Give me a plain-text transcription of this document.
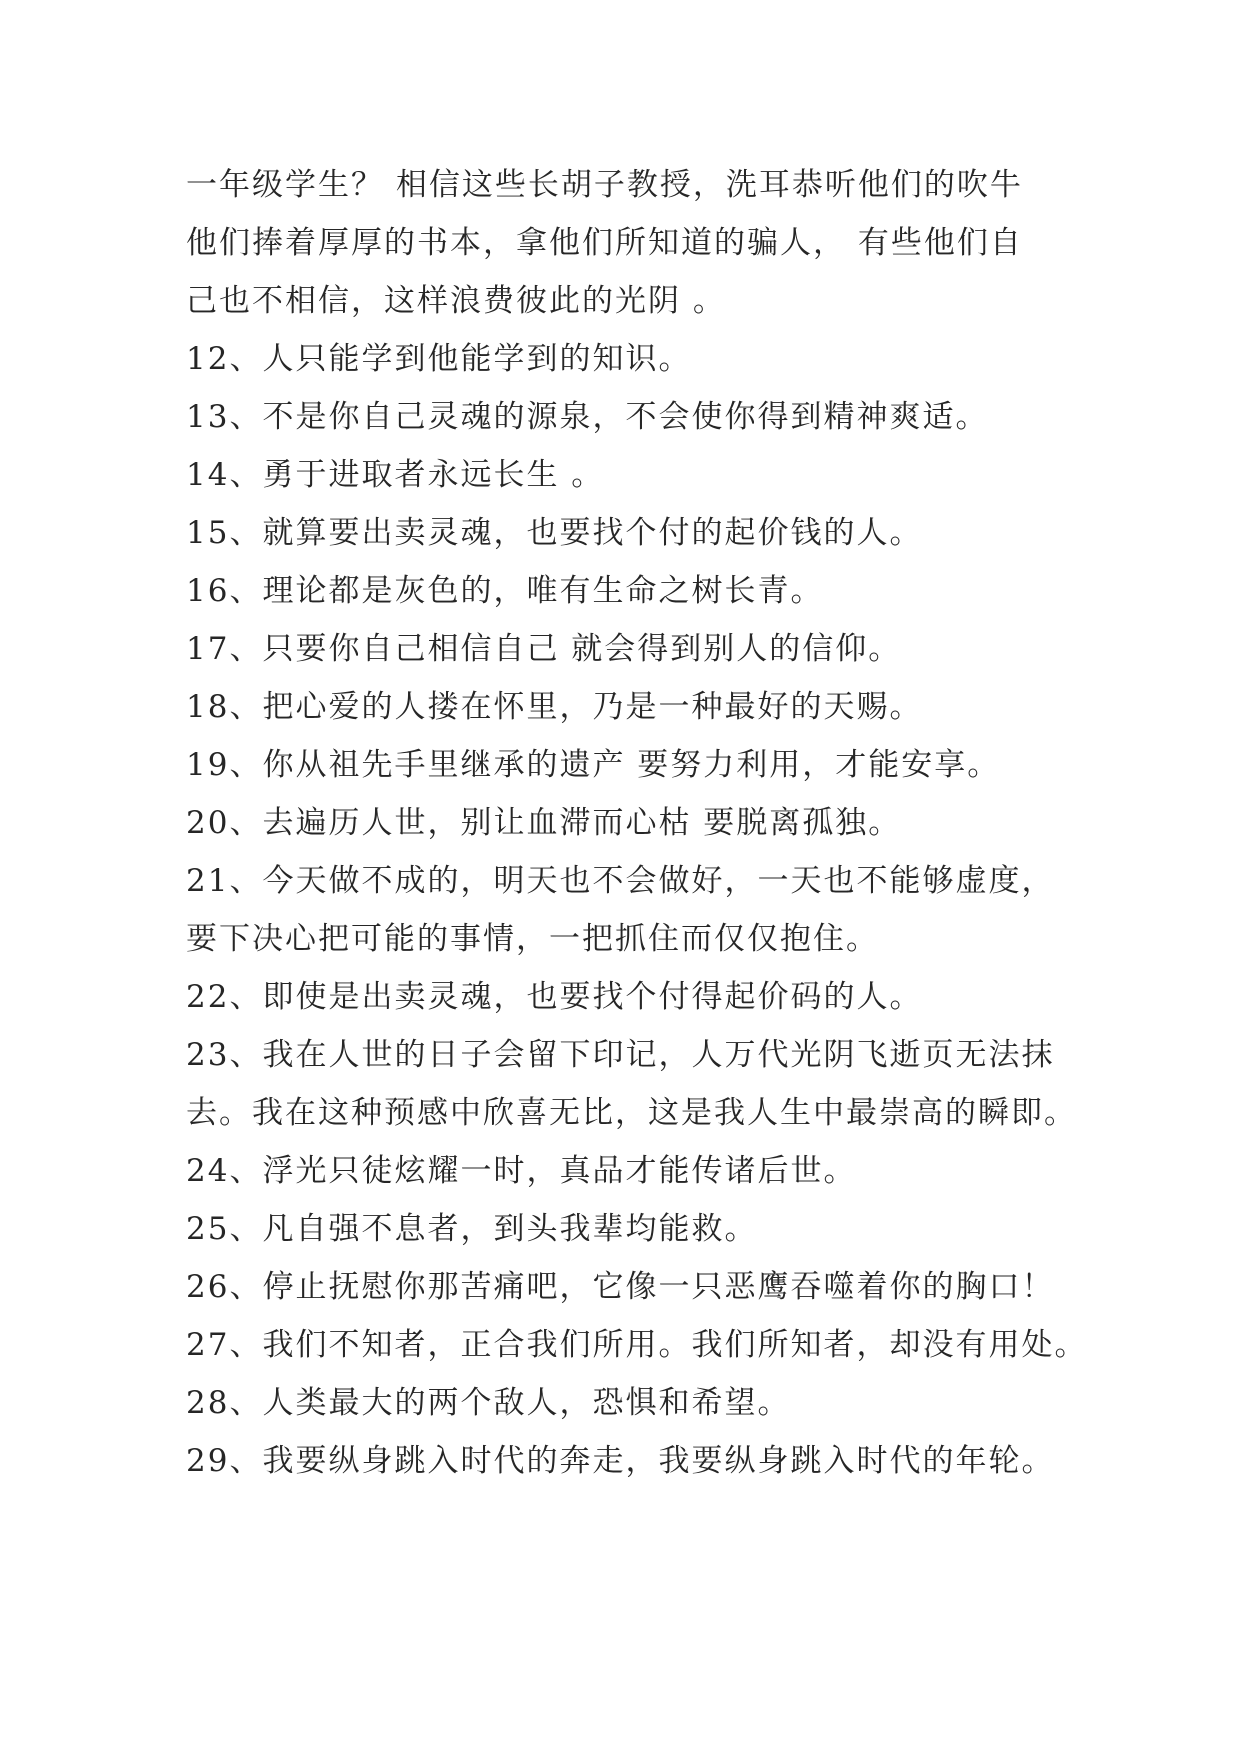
一年级学生？ 相信这些长胡子教授，洗耳恭听他们的吹牛
他们捧着厚厚的书本，拿他们所知道的骗人， 有些他们自
己也不相信，这样浪费彼此的光阴 。
12、人只能学到他能学到的知识。
13、不是你自己灵魂的源泉，不会使你得到精神爽适。
14、勇于进取者永远长生 。
15、就算要出卖灵魂，也要找个付的起价钱的人。
16、理论都是灰色的，唯有生命之树长青。
17、只要你自己相信自己 就会得到别人的信仰。
18、把心爱的人搂在怀里，乃是一种最好的天赐。
19、你从祖先手里继承的遗产 要努力利用，才能安享。
20、去遍历人世，别让血滞而心枯 要脱离孤独。
21、今天做不成的，明天也不会做好，一天也不能够虚度，
要下决心把可能的事情，一把抓住而仅仅抱住。
22、即使是出卖灵魂，也要找个付得起价码的人。
23、我在人世的日子会留下印记，人万代光阴飞逝页无法抹
去。我在这种预感中欣喜无比，这是我人生中最崇高的瞬即。
24、浮光只徒炫耀一时，真品才能传诸后世。
25、凡自强不息者，到头我辈均能救。
26、停止抚慰你那苦痛吧，它像一只恶鹰吞噬着你的胸口！
27、我们不知者，正合我们所用。我们所知者，却没有用处。
28、人类最大的两个敌人，恐惧和希望。
29、我要纵身跳入时代的奔走，我要纵身跳入时代的年轮。
